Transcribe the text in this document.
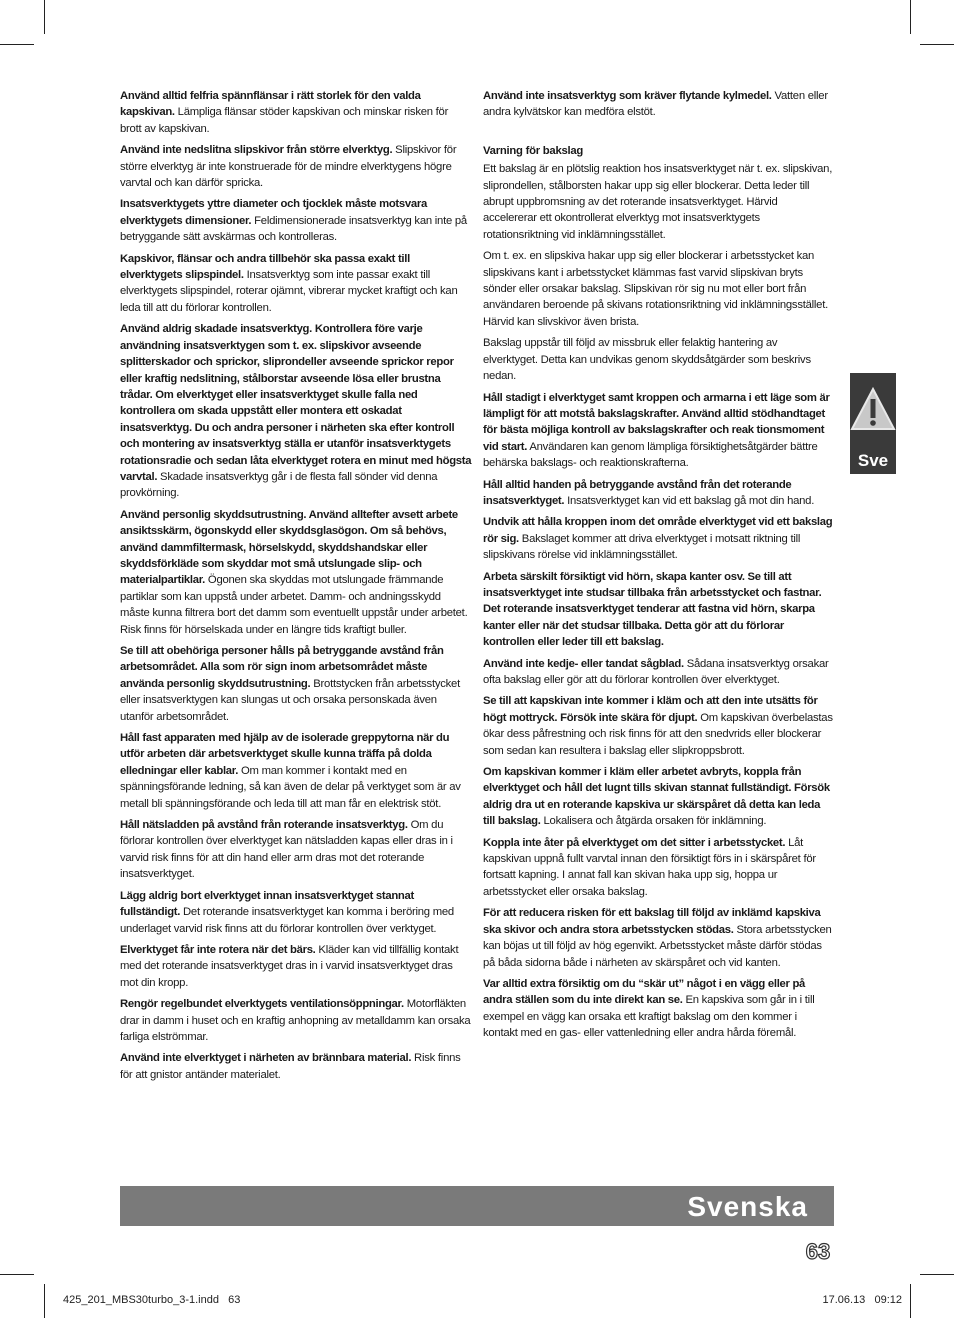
Använd alltid felfria spännflänsar i rätt storlek för den valda kapskivan. Lämpliga flänsar stöder kapskivan och minskar risken för brott av kapskivan.

Använd inte nedslitna slipskivor från större elverktyg. Slipskivor för större elverktyg är inte konstruerade för de mindre elverktygens högre varvtal och kan därför spricka.

Insatsverktygets yttre diameter och tjocklek måste motsvara elverktygets dimensioner. Feldimensionerade insatsverktyg kan inte på betryggande sätt avskärmas och kontrolleras.

Kapskivor, flänsar och andra tillbehör ska passa exakt till elverktygets slipspindel. Insatsverktyg som inte passar exakt till elverktygets slipspindel, roterar ojämnt, vibrerar mycket kraftigt och kan leda till att du förlorar kontrollen.

Använd aldrig skadade insatsverktyg. Kontrollera före varje användning insatsverktygen som t. ex. slipskivor avseende splitterskador och sprickor, sliprondeller avseende sprickor repor eller kraftig nedslitning, stålborstar avseende lösa eller brustna trådar. Om elverktyget eller insatsverktyget skulle falla ned kontrollera om skada uppstått eller montera ett oskadat insatsverktyg. Du och andra personer i närheten ska efter kontroll och montering av insatsverktyg ställa er utanför insatsverktygets rotationsradie och sedan låta elverktyget rotera en minut med högsta varvtal. Skadade insatsverktyg går i de flesta fall sönder vid denna provkörning.

Använd personlig skyddsutrustning. Använd alltefter avsett arbete ansiktsskärm, ögonskydd eller skyddsglasögon. Om så behövs, använd dammfiltermask, hörselskydd, skyddshandskar eller skyddsförkläde som skyddar mot små utslungade slip- och materialpartiklar. Ögonen ska skyddas mot utslungade främmande partiklar som kan uppstå under arbetet. Damm- och andningsskydd måste kunna filtrera bort det damm som eventuellt uppstår under arbetet. Risk finns för hörselskada under en längre tids kraftigt buller.

Se till att obehöriga personer hålls på betryggande avstånd från arbetsområdet. Alla som rör sign inom arbetsområdet måste använda personlig skyddsutrustning. Brottstycken från arbetsstycket eller insatsverktygen kan slungas ut och orsaka personskada även utanför arbetsområdet.

Håll fast apparaten med hjälp av de isolerade greppytorna när du utför arbeten där arbetsverktyget skulle kunna träffa på dolda elledningar eller kablar. Om man kommer i kontakt med en spänningsförande ledning, så kan även de delar på verktyget som är av metall bli spänningsförande och leda till att man får en elektrisk stöt.

Håll nätsladden på avstånd från roterande insatsverktyg. Om du förlorar kontrollen över elverktyget kan nätsladden kapas eller dras in i varvid risk finns för att din hand eller arm dras mot det roterande insatsverktyget.

Lägg aldrig bort elverktyget innan insatsverktyget stannat fullständigt. Det roterande insatsverktyget kan komma i beröring med underlaget varvid risk finns att du förlorar kontrollen över verktyget.

Elverktyget får inte rotera när det bärs. Kläder kan vid tillfällig kontakt med det roterande insatsverktyget dras in i varvid insatsverktyget dras mot din kropp.

Rengör regelbundet elverktygets ventilationsöppningar. Motorfläkten drar in damm i huset och en kraftig anhopning av metalldamm kan orsaka farliga elströmmar.

Använd inte elverktyget i närheten av brännbara material. Risk finns för att gnistor antänder materialet.

Använd inte insatsverktyg som kräver flytande kylmedel. Vatten eller andra kylvätskor kan medföra elstöt.

Varning för bakslag

Ett bakslag är en plötslig reaktion hos insatsverktyget när t. ex. slipskivan, sliprondellen, stålborsten hakar upp sig eller blockerar. Detta leder till abrupt uppbromsning av det roterande insatsverktyget. Härvid accelererar ett okontrollerat elverktyg mot insatsverktygets rotationsriktning vid inklämningsstället.

Om t. ex. en slipskiva hakar upp sig eller blockerar i arbetsstycket kan slipskivans kant i arbetsstycket klämmas fast varvid slipskivan bryts sönder eller orsakar bakslag. Slipskivan rör sig nu mot eller bort från användaren beroende på skivans rotationsriktning vid inklämningsstället. Härvid kan slivskivor även brista.

Bakslag uppstår till följd av missbruk eller felaktig hantering av elverktyget. Detta kan undvikas genom skyddsåtgärder som beskrivs nedan.

Håll stadigt i elverktyget samt kroppen och armarna i ett läge som är lämpligt för att motstå bakslagskrafter. Använd alltid stödhandtaget för bästa möjliga kontroll av bakslagskrafter och reak tionsmoment vid start. Användaren kan genom lämpliga försiktighetsåtgärder bättre behärska bakslags- och reaktionskrafterna.

Håll alltid handen på betryggande avstånd från det roterande insatsverktyget. Insatsverktyget kan vid ett bakslag gå mot din hand.

Undvik att hålla kroppen inom det område elverktyget vid ett bakslag rör sig. Bakslaget kommer att driva elverktyget i motsatt riktning till slipskivans rörelse vid inklämningsstället.

Arbeta särskilt försiktigt vid hörn, skapa kanter osv. Se till att insatsverktyget inte studsar tillbaka från arbetsstycket och fastnar. Det roterande insatsverktyget tenderar att fastna vid hörn, skarpa kanter eller när det studsar tillbaka. Detta gör att du förlorar kontrollen eller leder till ett bakslag.

Använd inte kedje- eller tandat sågblad. Sådana insatsverktyg orsakar ofta bakslag eller gör att du förlorar kontrollen över elverktyget.

Se till att kapskivan inte kommer i kläm och att den inte utsätts för högt mottryck. Försök inte skära för djupt. Om kapskivan överbelastas ökar dess påfrestning och risk finns för att den snedvrids eller blockerar som sedan kan resultera i bakslag eller slipkroppsbrott.

Om kapskivan kommer i kläm eller arbetet avbryts, koppla från elverktyget och håll det lugnt tills skivan stannat fullständigt. Försök aldrig dra ut en roterande kapskiva ur skärspåret då detta kan leda till bakslag. Lokalisera och åtgärda orsaken för inklämning.

Koppla inte åter på elverktyget om det sitter i arbetsstycket. Låt kapskivan uppnå fullt varvtal innan den försiktigt förs in i skärspåret för fortsatt kapning. I annat fall kan skivan haka upp sig, hoppa ur arbetsstycket eller orsaka bakslag.

För att reducera risken för ett bakslag till följd av inklämd kapskiva ska skivor och andra stora arbetsstycken stödas. Stora arbetsstycken kan böjas ut till följd av hög egenvikt. Arbetsstycket måste därför stödas på båda sidorna både i närheten av skärspåret och vid kanten.

Var alltid extra försiktig om du “skär ut” något i en vägg eller på andra ställen som du inte direkt kan se. En kapskiva som går in i till exempel en vägg kan orsaka ett kraftigt bakslag om den kommer i kontakt med en gas- eller vattenledning eller andra hårda föremål.

Sve
Svenska
63
425_201_MBS30turbo_3-1.indd   63	17.06.13   09:12
